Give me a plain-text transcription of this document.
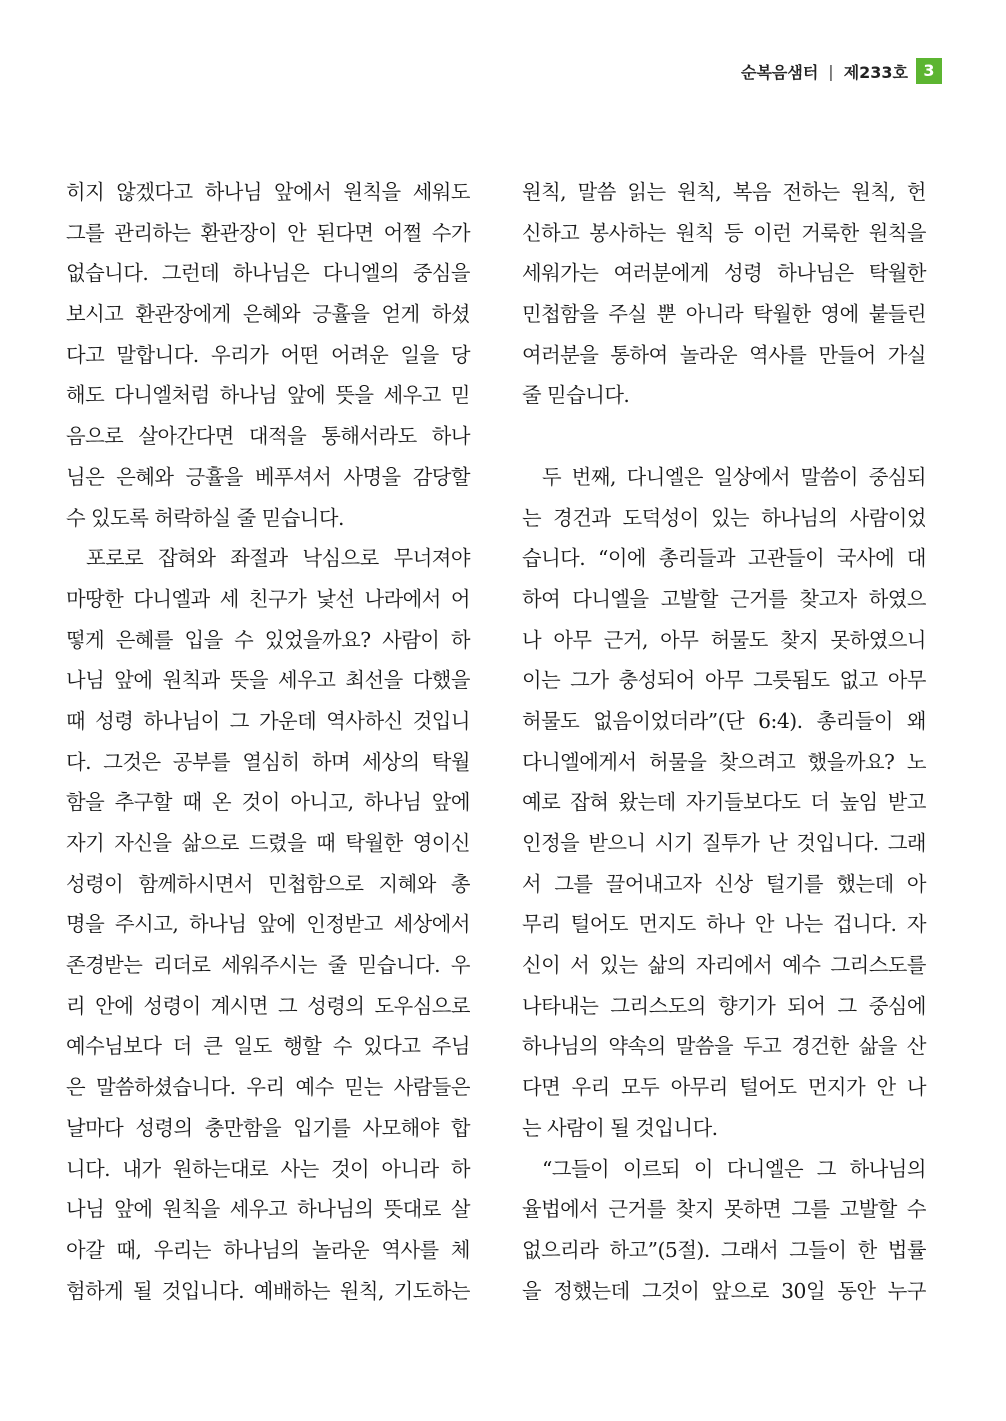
순복음샘터 | 제233호 3
히지 않겠다고 하나님 앞에서 원칙을 세워도
그를 관리하는 환관장이 안 된다면 어쩔 수가
없습니다. 그런데 하나님은 다니엘의 중심을
보시고 환관장에게 은혜와 긍휼을 얻게 하셨
다고 말합니다. 우리가 어떤 어려운 일을 당
해도 다니엘처럼 하나님 앞에 뜻을 세우고 믿
음으로 살아간다면 대적을 통해서라도 하나
님은 은혜와 긍휼을 베푸셔서 사명을 감당할
수 있도록 허락하실 줄 믿습니다.
포로로 잡혀와 좌절과 낙심으로 무너져야
마땅한 다니엘과 세 친구가 낯선 나라에서 어
떻게 은혜를 입을 수 있었을까요? 사람이 하
나님 앞에 원칙과 뜻을 세우고 최선을 다했을
때 성령 하나님이 그 가운데 역사하신 것입니
다. 그것은 공부를 열심히 하며 세상의 탁월
함을 추구할 때 온 것이 아니고, 하나님 앞에
자기 자신을 삶으로 드렸을 때 탁월한 영이신
성령이 함께하시면서 민첩함으로 지혜와 총
명을 주시고, 하나님 앞에 인정받고 세상에서
존경받는 리더로 세워주시는 줄 믿습니다. 우
리 안에 성령이 계시면 그 성령의 도우심으로
예수님보다 더 큰 일도 행할 수 있다고 주님
은 말씀하셨습니다. 우리 예수 믿는 사람들은
날마다 성령의 충만함을 입기를 사모해야 합
니다. 내가 원하는대로 사는 것이 아니라 하
나님 앞에 원칙을 세우고 하나님의 뜻대로 살
아갈 때, 우리는 하나님의 놀라운 역사를 체
험하게 될 것입니다. 예배하는 원칙, 기도하는
원칙, 말씀 읽는 원칙, 복음 전하는 원칙, 헌
신하고 봉사하는 원칙 등 이런 거룩한 원칙을
세워가는 여러분에게 성령 하나님은 탁월한
민첩함을 주실 뿐 아니라 탁월한 영에 붙들린
여러분을 통하여 놀라운 역사를 만들어 가실
줄 믿습니다.
두 번째, 다니엘은 일상에서 말씀이 중심되
는 경건과 도덕성이 있는 하나님의 사람이었
습니다. “이에 총리들과 고관들이 국사에 대
하여 다니엘을 고발할 근거를 찾고자 하였으
나 아무 근거, 아무 허물도 찾지 못하였으니
이는 그가 충성되어 아무 그릇됨도 없고 아무
허물도 없음이었더라”(단 6:4). 총리들이 왜
다니엘에게서 허물을 찾으려고 했을까요? 노
예로 잡혀 왔는데 자기들보다도 더 높임 받고
인정을 받으니 시기 질투가 난 것입니다. 그래
서 그를 끌어내고자 신상 털기를 했는데 아
무리 털어도 먼지도 하나 안 나는 겁니다. 자
신이 서 있는 삶의 자리에서 예수 그리스도를
나타내는 그리스도의 향기가 되어 그 중심에
하나님의 약속의 말씀을 두고 경건한 삶을 산
다면 우리 모두 아무리 털어도 먼지가 안 나
는 사람이 될 것입니다.
“그들이 이르되 이 다니엘은 그 하나님의
율법에서 근거를 찾지 못하면 그를 고발할 수
없으리라 하고”(5절). 그래서 그들이 한 법률
을 정했는데 그것이 앞으로 30일 동안 누구
